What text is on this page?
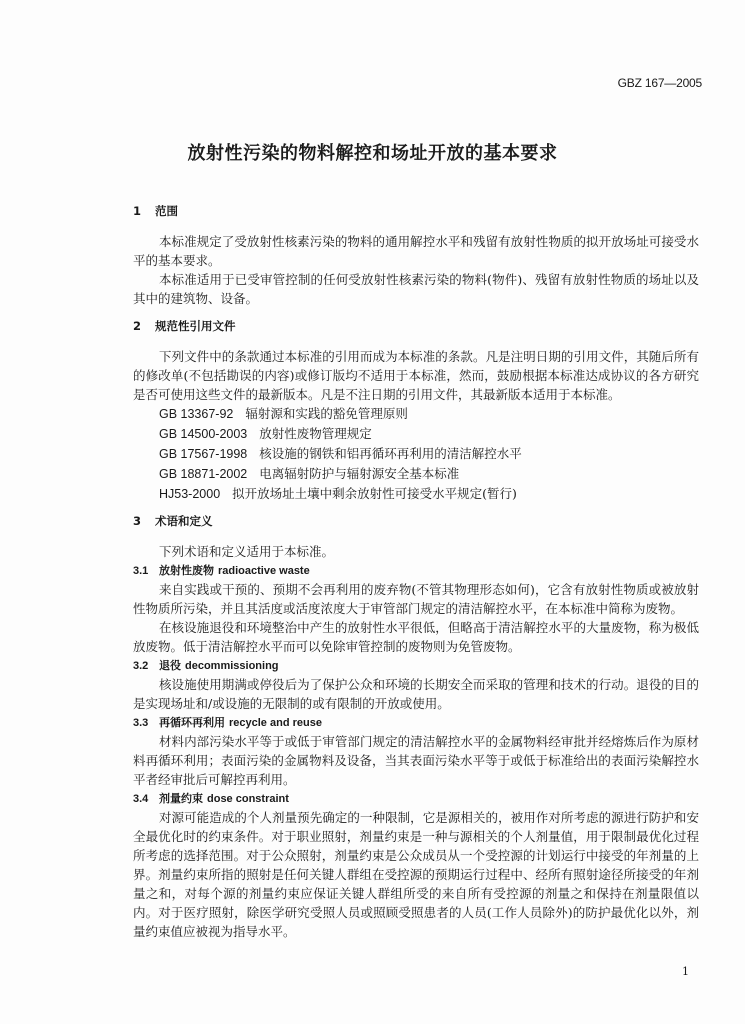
GBZ 167—2005
放射性污染的物料解控和场址开放的基本要求
1 范围

本标准规定了受放射性核素污染的物料的通用解控水平和残留有放射性物质的拟开放场址可接受水平的基本要求。

本标准适用于已受审管控制的任何受放射性核素污染的物料(物件)、残留有放射性物质的场址以及其中的建筑物、设备。

2 规范性引用文件

下列文件中的条款通过本标准的引用而成为本标准的条款。凡是注明日期的引用文件，其随后所有的修改单(不包括勘误的内容)或修订版均不适用于本标准，然而，鼓励根据本标准达成协议的各方研究是否可使用这些文件的最新版本。凡是不注日期的引用文件，其最新版本适用于本标准。

GB 13367-92 辐射源和实践的豁免管理原则

GB 14500-2003 放射性废物管理规定

GB 17567-1998 核设施的钢铁和铝再循环再利用的清洁解控水平

GB 18871-2002 电离辐射防护与辐射源安全基本标准

HJ53-2000 拟开放场址土壤中剩余放射性可接受水平规定(暂行)

3 术语和定义

下列术语和定义适用于本标准。

3.1 放射性废物 radioactive waste

来自实践或干预的、预期不会再利用的废弃物(不管其物理形态如何)，它含有放射性物质或被放射性物质所污染，并且其活度或活度浓度大于审管部门规定的清洁解控水平，在本标准中简称为废物。

在核设施退役和环境整治中产生的放射性水平很低，但略高于清洁解控水平的大量废物，称为极低放废物。低于清洁解控水平而可以免除审管控制的废物则为免管废物。

3.2 退役 decommissioning

核设施使用期满或停役后为了保护公众和环境的长期安全而采取的管理和技术的行动。退役的目的是实现场址和/或设施的无限制的或有限制的开放或使用。

3.3 再循环再利用 recycle and reuse

材料内部污染水平等于或低于审管部门规定的清洁解控水平的金属物料经审批并经熔炼后作为原材料再循环利用；表面污染的金属物料及设备，当其表面污染水平等于或低于标准给出的表面污染解控水平者经审批后可解控再利用。

3.4 剂量约束 dose constraint

对源可能造成的个人剂量预先确定的一种限制，它是源相关的，被用作对所考虑的源进行防护和安全最优化时的约束条件。对于职业照射，剂量约束是一种与源相关的个人剂量值，用于限制最优化过程所考虑的选择范围。对于公众照射，剂量约束是公众成员从一个受控源的计划运行中接受的年剂量的上界。剂量约束所指的照射是任何关键人群组在受控源的预期运行过程中、经所有照射途径所接受的年剂量之和，对每个源的剂量约束应保证关键人群组所受的来自所有受控源的剂量之和保持在剂量限值以内。对于医疗照射，除医学研究受照人员或照顾受照患者的人员(工作人员除外)的防护最优化以外，剂量约束值应被视为指导水平。

1
